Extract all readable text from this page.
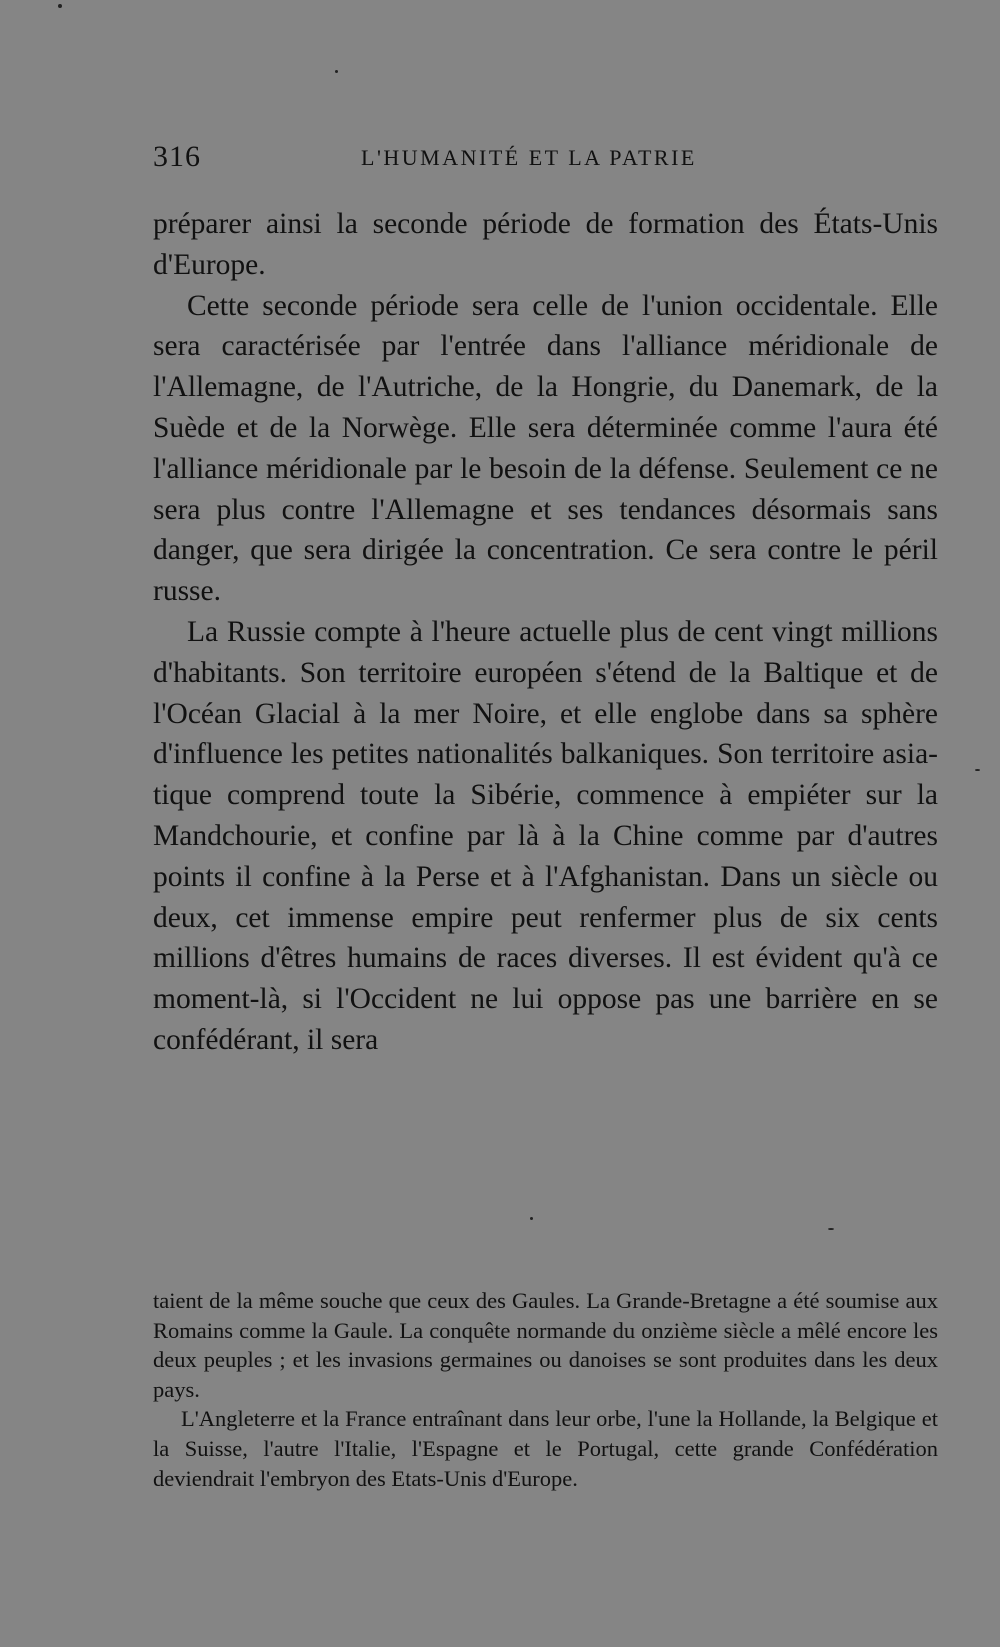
316	L'HUMANITÉ ET LA PATRIE

préparer ainsi la seconde période de formation des États-Unis d'Europe.

Cette seconde période sera celle de l'union occidentale. Elle sera caractérisée par l'entrée dans l'alliance méridionale de l'Allemagne, de l'Autriche, de la Hongrie, du Danemark, de la Suède et de la Norwège. Elle sera déterminée comme l'aura été l'alliance méridionale par le besoin de la défense. Seulement ce ne sera plus contre l'Allemagne et ses tendances désormais sans danger, que sera dirigée la concentration. Ce sera contre le péril russe.

La Russie compte à l'heure actuelle plus de cent vingt millions d'habitants. Son territoire européen s'étend de la Baltique et de l'Océan Glacial à la mer Noire, et elle englobe dans sa sphère d'influence les petites nationalités balkaniques. Son territoire asiatique comprend toute la Sibérie, commence à empiéter sur la Mandchourie, et confine par là à la Chine comme par d'autres points il confine à la Perse et à l'Afghanistan. Dans un siècle ou deux, cet immense empire peut renfermer plus de six cents millions d'êtres humains de races diverses. Il est évident qu'à ce moment-là, si l'Occident ne lui oppose pas une barrière en se confédérant, il sera

taient de la même souche que ceux des Gaules. La Grande-Bretagne a été soumise aux Romains comme la Gaule. La conquête normande du onzième siècle a mêlé encore les deux peuples ; et les invasions germaines ou danoises se sont produites dans les deux pays.

L'Angleterre et la France entraînant dans leur orbe, l'une la Hollande, la Belgique et la Suisse, l'autre l'Italie, l'Espagne et le Portugal, cette grande Confédération deviendrait l'embryon des Etats-Unis d'Europe.
